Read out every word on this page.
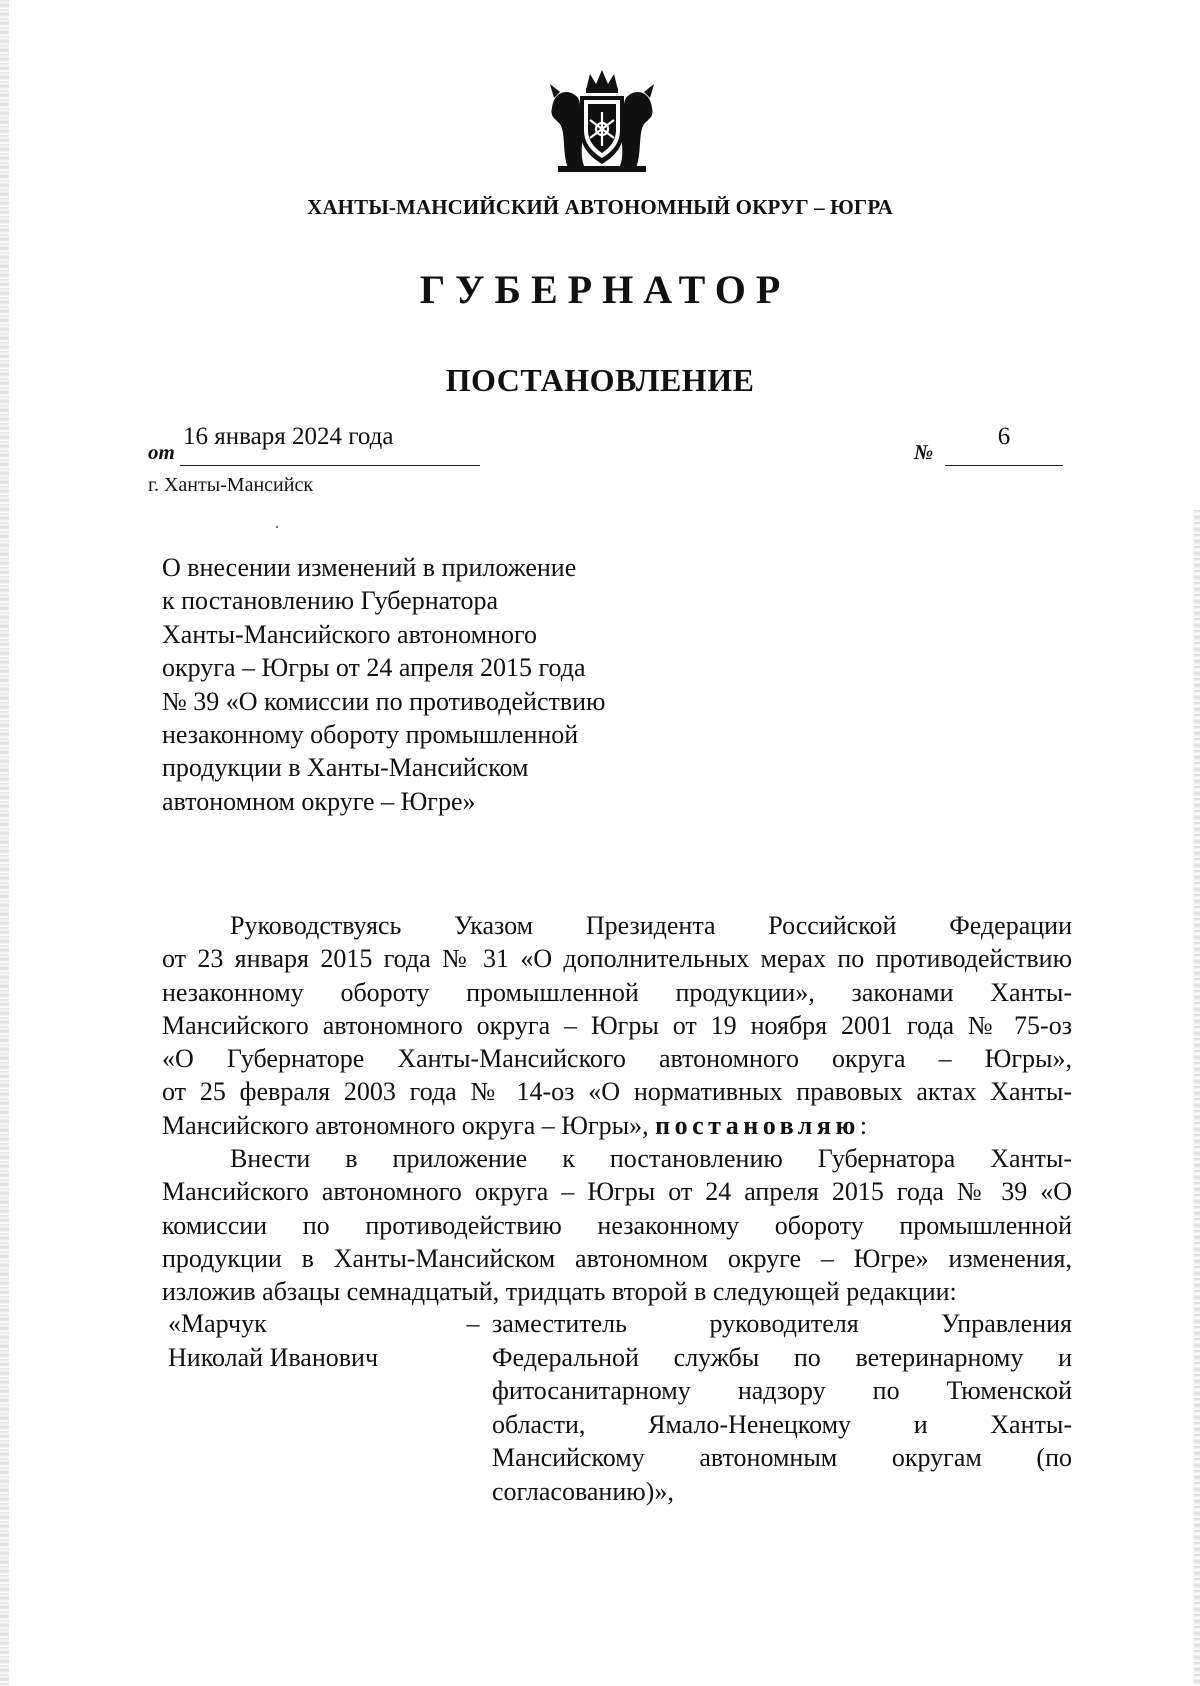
ХАНТЫ-МАНСИЙСКИЙ АВТОНОМНЫЙ ОКРУГ – ЮГРА
ГУБЕРНАТОР
ПОСТАНОВЛЕНИЕ
от
16 января 2024 года
№
6
г. Ханты-Мансийск
О внесении изменений в приложение
к постановлению Губернатора
Ханты-Мансийского автономного
округа – Югры от 24 апреля 2015 года
№ 39 «О комиссии по противодействию
незаконному обороту промышленной
продукции в Ханты-Мансийском
автономном округе – Югре»
Руководствуясь Указом Президента Российской Федерации
от 23 января 2015 года № 31 «О дополнительных мерах по противодействию
незаконному обороту промышленной продукции», законами Ханты-
Мансийского автономного округа – Югры от 19 ноября 2001 года № 75-оз
«О Губернаторе Ханты-Мансийского автономного округа – Югры»,
от 25 февраля 2003 года № 14-оз «О нормативных правовых актах Ханты-
Мансийского автономного округа – Югры», постановляю:
Внести в приложение к постановлению Губернатора Ханты-
Мансийского автономного округа – Югры от 24 апреля 2015 года № 39 «О
комиссии по противодействию незаконному обороту промышленной
продукции в Ханты-Мансийском автономном округе – Югре» изменения,
изложив абзацы семнадцатый, тридцать второй в следующей редакции:
«Марчук
Николай Иванович
– заместитель руководителя Управления
Федеральной службы по ветеринарному и
фитосанитарному надзору по Тюменской
области, Ямало-Ненецкому и Ханты-
Мансийскому автономным округам (по
согласованию)»,
